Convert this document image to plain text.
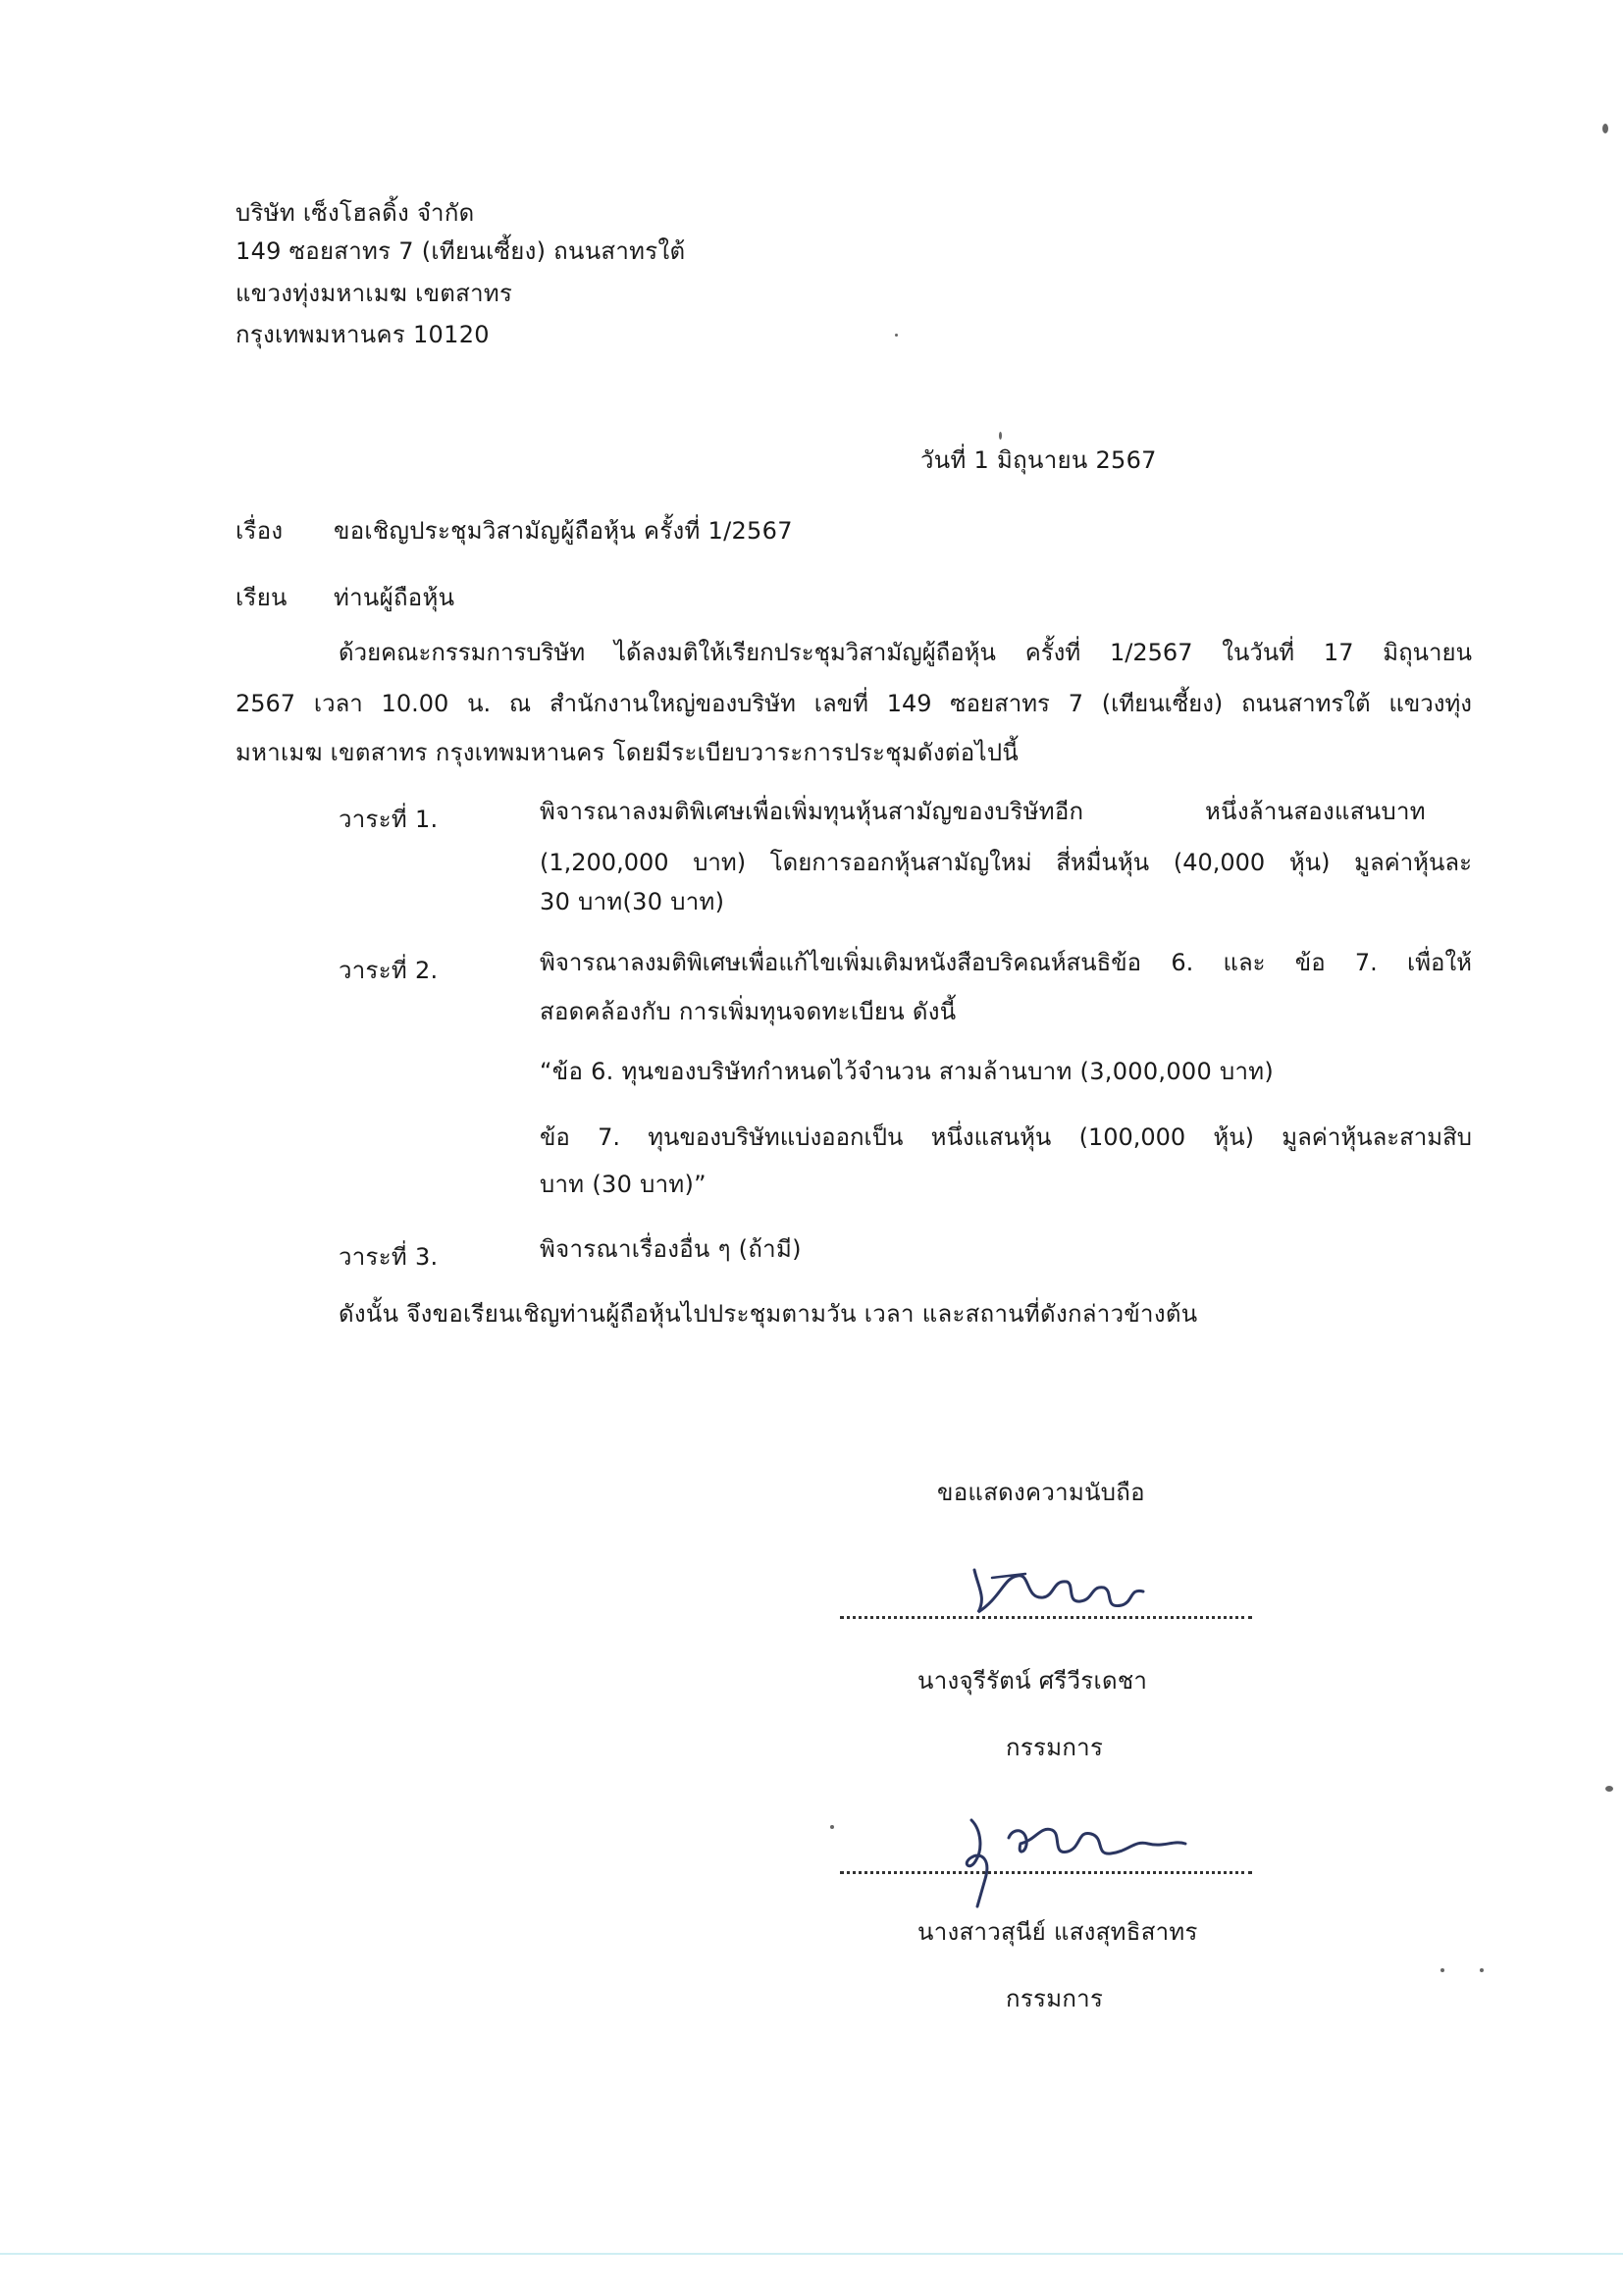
บริษัท เซ็งโฮลดิ้ง จำกัด
149 ซอยสาทร 7 (เทียนเซี้ยง) ถนนสาทรใต้
แขวงทุ่งมหาเมฆ เขตสาทร
กรุงเทพมหานคร 10120
วันที่ 1 มิถุนายน 2567
เรื่อง ขอเชิญประชุมวิสามัญผู้ถือหุ้น ครั้งที่ 1/2567
เรียน ท่านผู้ถือหุ้น
ด้วยคณะกรรมการบริษัท ได้ลงมติให้เรียกประชุมวิสามัญผู้ถือหุ้น ครั้งที่ 1/2567 ในวันที่ 17 มิถุนายน
2567 เวลา 10.00 น. ณ สำนักงานใหญ่ของบริษัท เลขที่ 149 ซอยสาทร 7 (เทียนเซี้ยง) ถนนสาทรใต้ แขวงทุ่ง
มหาเมฆ เขตสาทร กรุงเทพมหานคร โดยมีระเบียบวาระการประชุมดังต่อไปนี้
วาระที่ 1.	พิจารณาลงมติพิเศษเพื่อเพิ่มทุนหุ้นสามัญของบริษัทอีก	หนึ่งล้านสองแสนบาท
(1,200,000 บาท) โดยการออกหุ้นสามัญใหม่ สี่หมื่นหุ้น (40,000 หุ้น) มูลค่าหุ้นละ
30 บาท(30 บาท)
วาระที่ 2.	พิจารณาลงมติพิเศษเพื่อแก้ไขเพิ่มเติมหนังสือบริคณห์สนธิข้อ 6. และ ข้อ 7. เพื่อให้
สอดคล้องกับ การเพิ่มทุนจดทะเบียน ดังนี้
“ข้อ 6. ทุนของบริษัทกำหนดไว้จำนวน สามล้านบาท (3,000,000 บาท)
ข้อ 7. ทุนของบริษัทแบ่งออกเป็น หนึ่งแสนหุ้น (100,000 หุ้น) มูลค่าหุ้นละสามสิบ
บาท (30 บาท)”
วาระที่ 3.	พิจารณาเรื่องอื่น ๆ (ถ้ามี)
ดังนั้น จึงขอเรียนเชิญท่านผู้ถือหุ้นไปประชุมตามวัน เวลา และสถานที่ดังกล่าวข้างต้น
ขอแสดงความนับถือ
นางจุรีรัตน์ ศรีวีรเดชา
กรรมการ
นางสาวสุนีย์ แสงสุทธิสาทร
กรรมการ
